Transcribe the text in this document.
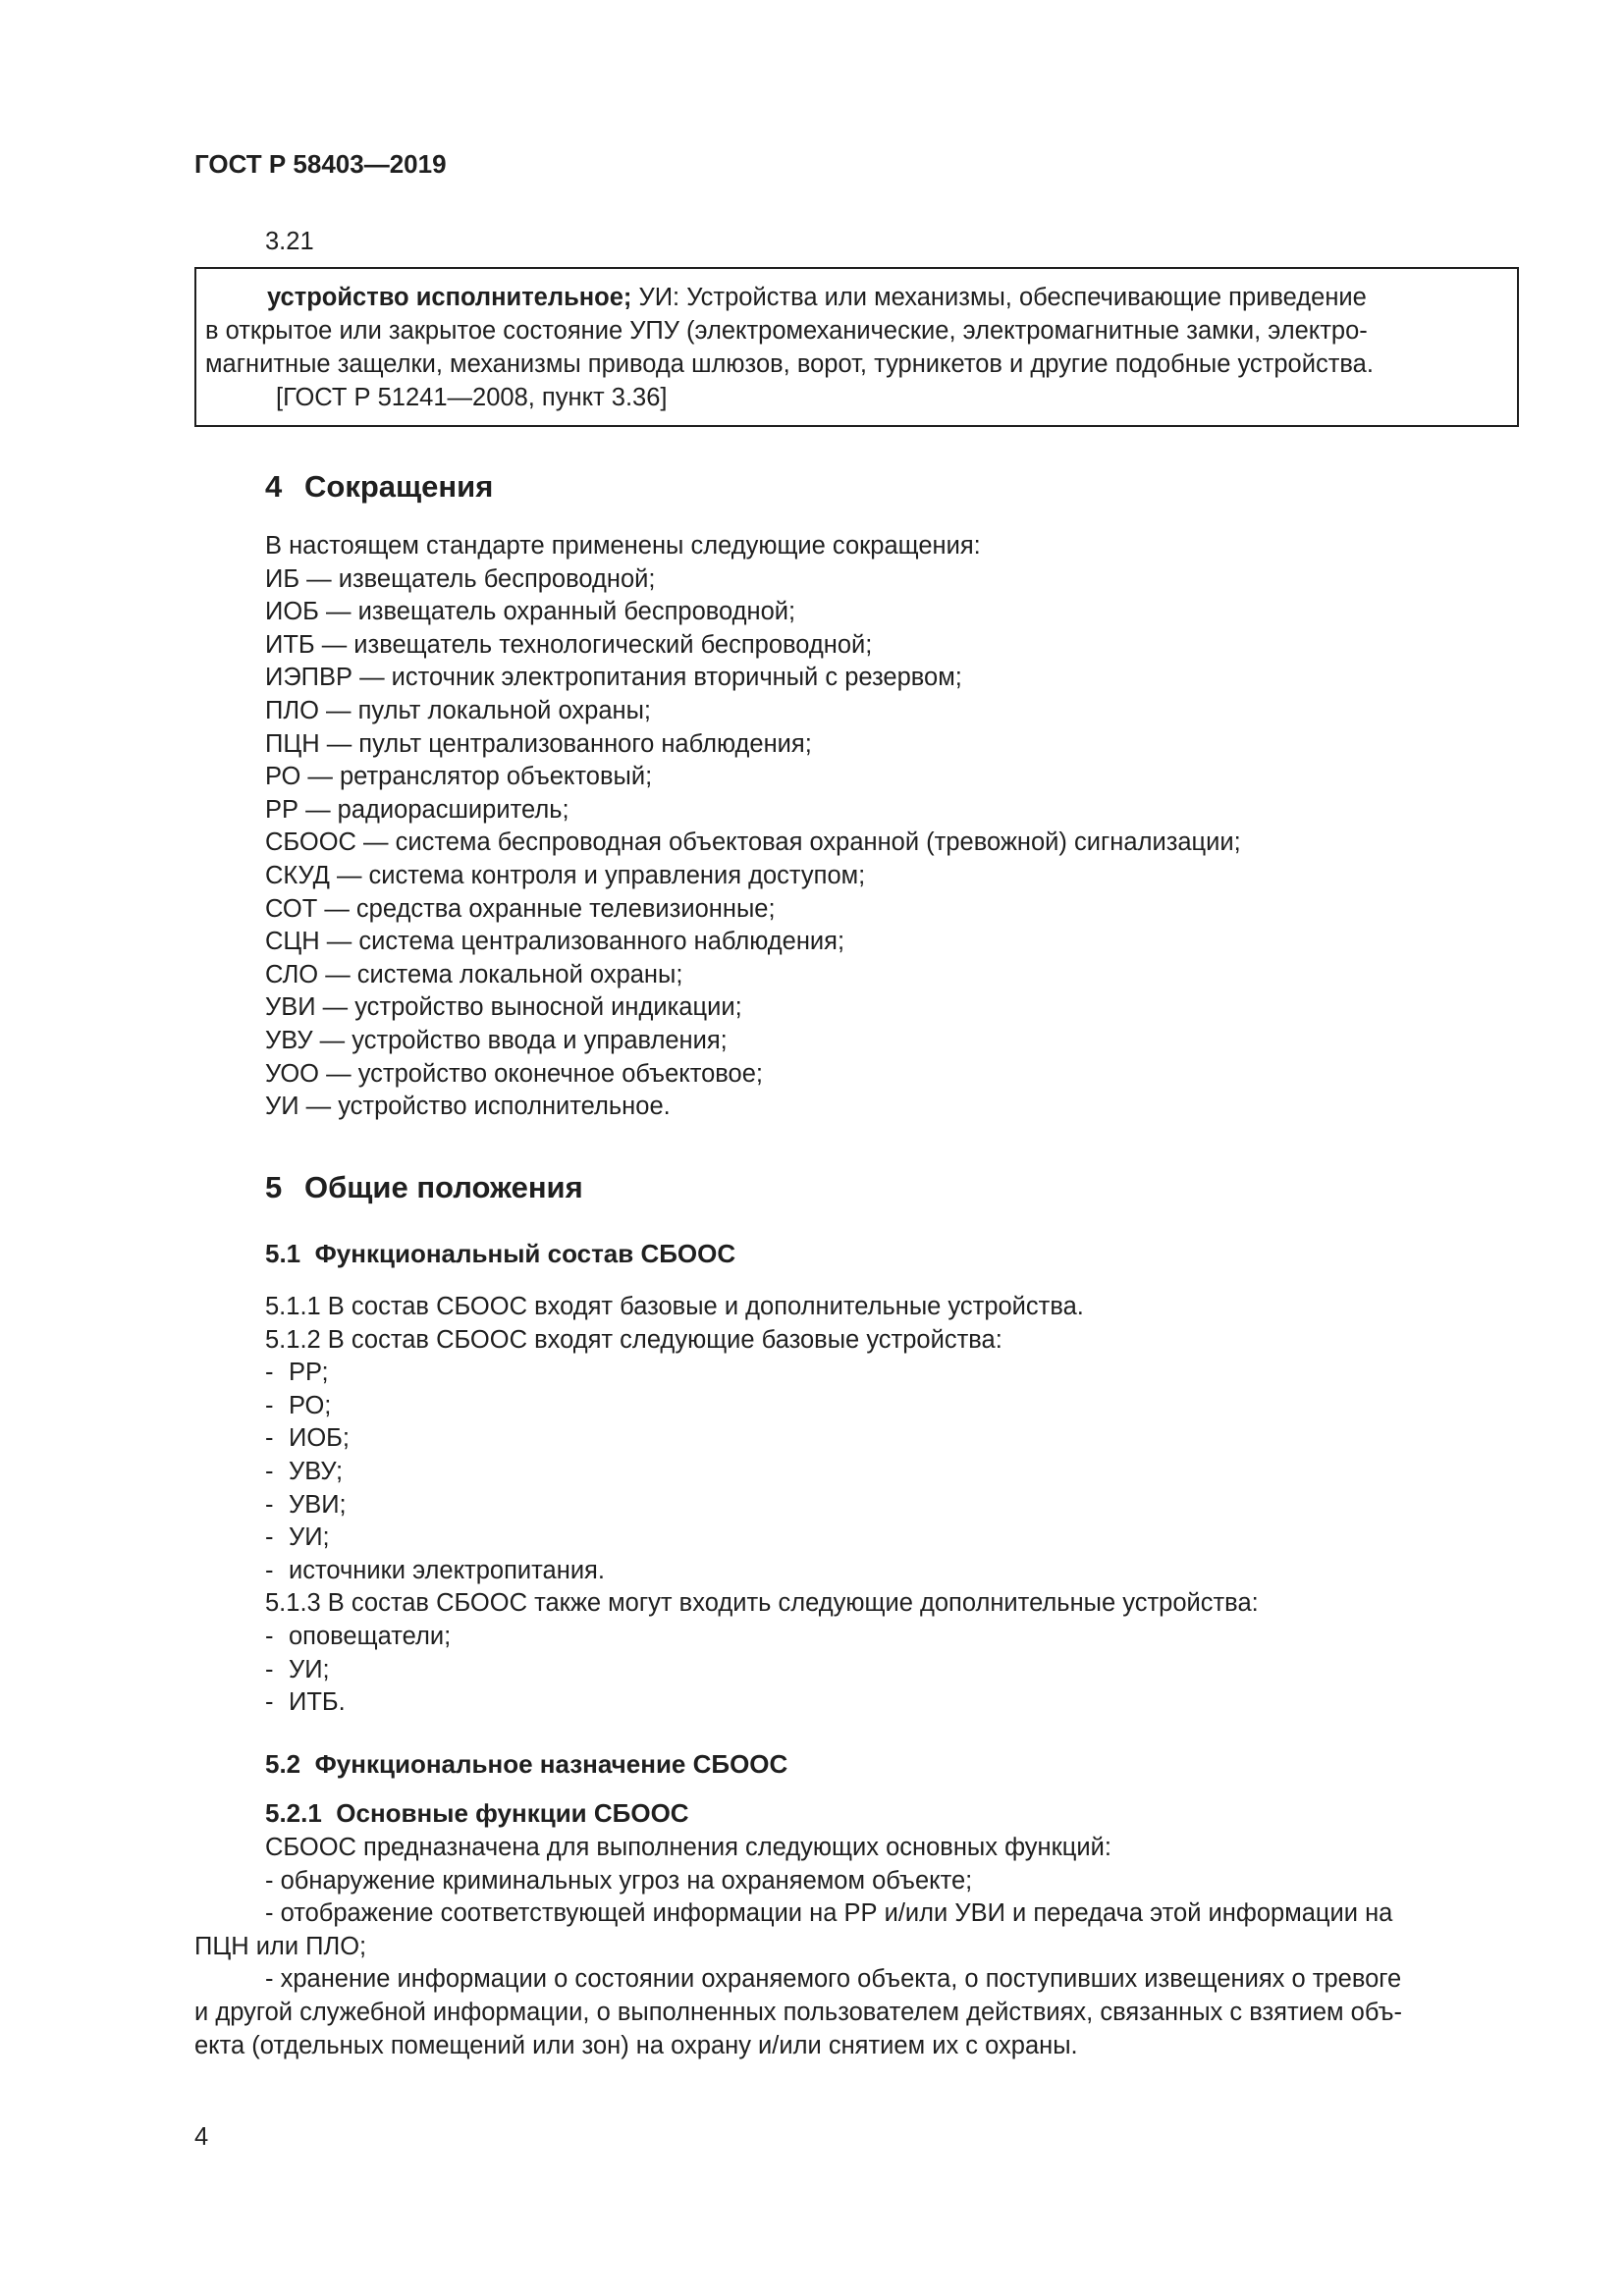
ГОСТ Р 58403—2019
3.21

устройство исполнительное; УИ: Устройства или механизмы, обеспечивающие приведение

в открытое или закрытое состояние УПУ (электромеханические, электромагнитные замки, электро-

магнитные защелки, механизмы привода шлюзов, ворот, турникетов и другие подобные устройства.

[ГОСТ Р 51241—2008, пункт 3.36]

4 Сокращения

В настоящем стандарте применены следующие сокращения:

ИБ — извещатель беспроводной;

ИОБ — извещатель охранный беспроводной;

ИТБ — извещатель технологический беспроводной;

ИЭПВР — источник электропитания вторичный с резервом;

ПЛО — пульт локальной охраны;

ПЦН — пульт централизованного наблюдения;

РО — ретранслятор объектовый;

РР — радиорасширитель;

СБООС — система беспроводная объектовая охранной (тревожной) сигнализации;

СКУД — система контроля и управления доступом;

СОТ — средства охранные телевизионные;

СЦН — система централизованного наблюдения;

СЛО — система локальной охраны;

УВИ — устройство выносной индикации;

УВУ — устройство ввода и управления;

УОО — устройство оконечное объектовое;

УИ — устройство исполнительное.

5 Общие положения
5.1 Функциональный состав СБООС

5.1.1 В состав СБООС входят базовые и дополнительные устройства.

5.1.2 В состав СБООС входят следующие базовые устройства:

- РР;
- РО;
- ИОБ;
- УВУ;
- УВИ;
- УИ;
- источники электропитания.

5.1.3 В состав СБООС также могут входить следующие дополнительные устройства:

- оповещатели;
- УИ;
- ИТБ.
5.2 Функциональное назначение СБООС
5.2.1 Основные функции СБООС

СБООС предназначена для выполнения следующих основных функций:

- обнаружение криминальных угроз на охраняемом объекте;

- отображение соответствующей информации на РР и/или УВИ и передача этой информации на

ПЦН или ПЛО;

- хранение информации о состоянии охраняемого объекта, о поступивших извещениях о тревоге

и другой служебной информации, о выполненных пользователем действиях, связанных с взятием объ-

екта (отдельных помещений или зон) на охрану и/или снятием их с охраны.

4
